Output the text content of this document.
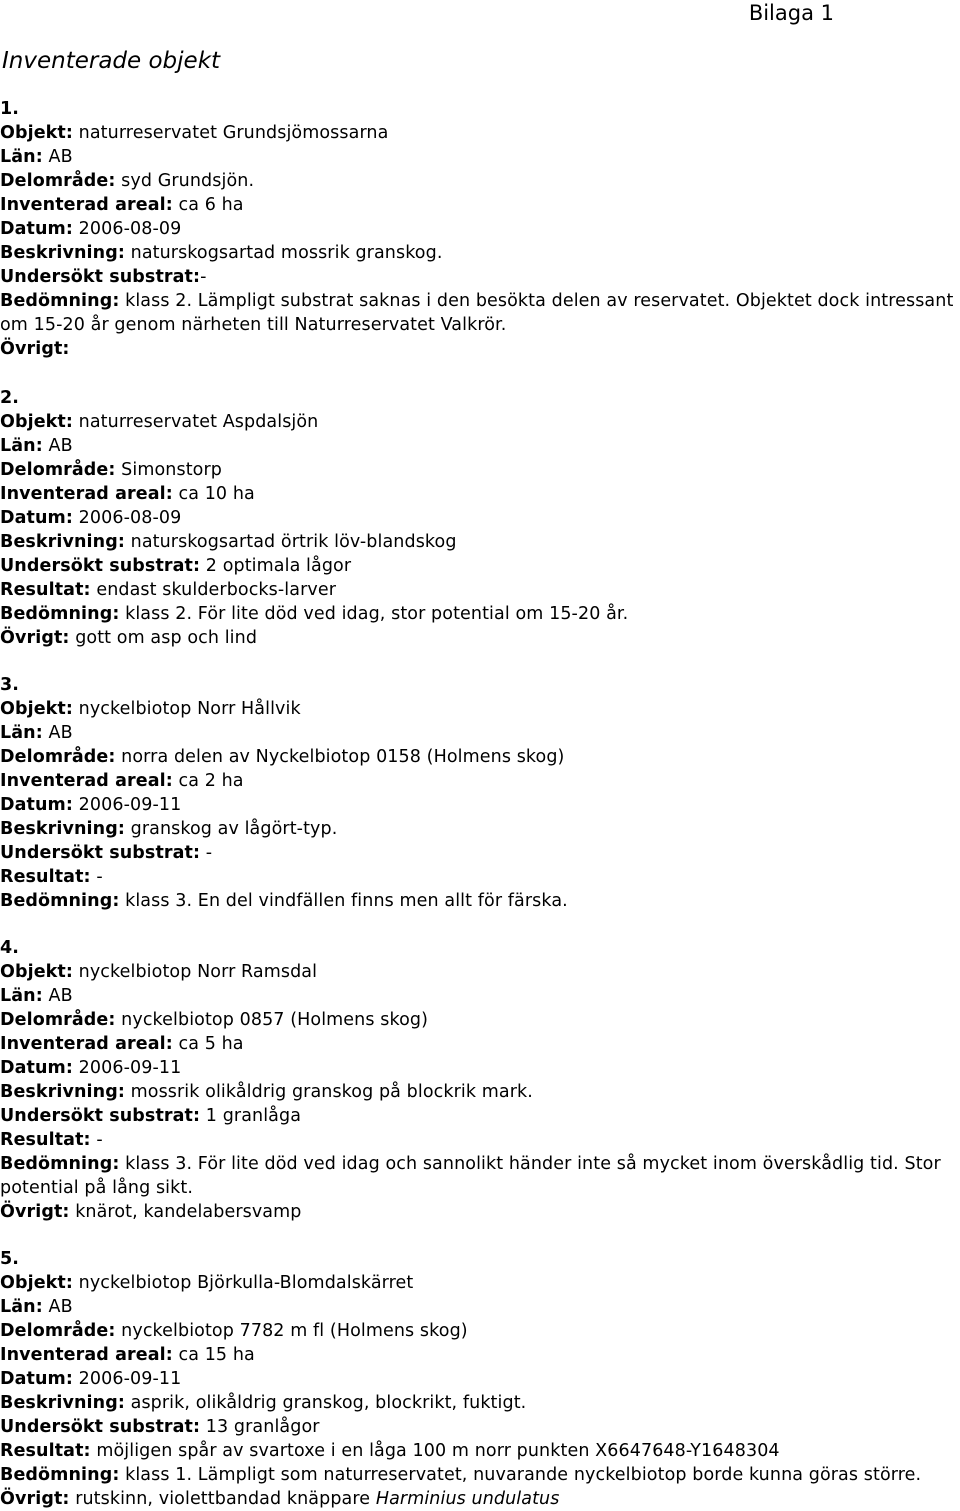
Bilaga 1
Inventerade objekt
1.
Objekt: naturreservatet Grundsjömossarna
Län: AB
Delområde: syd Grundsjön.
Inventerad areal: ca 6 ha
Datum: 2006-08-09
Beskrivning: naturskogsartad mossrik granskog.
Undersökt substrat:-
Bedömning: klass 2. Lämpligt substrat saknas i den besökta delen av reservatet. Objektet dock intressant om 15-20 år genom närheten till Naturreservatet Valkrör.
Övrigt:
2.
Objekt: naturreservatet Aspdalsjön
Län: AB
Delområde: Simonstorp
Inventerad areal: ca 10 ha
Datum: 2006-08-09
Beskrivning: naturskogsartad örtrik löv-blandskog
Undersökt substrat: 2 optimala lågor
Resultat: endast skulderbocks-larver
Bedömning: klass 2. För lite död ved idag, stor potential om 15-20 år.
Övrigt: gott om asp och lind
3.
Objekt: nyckelbiotop Norr Hållvik
Län: AB
Delområde: norra delen av Nyckelbiotop 0158 (Holmens skog)
Inventerad areal: ca 2 ha
Datum: 2006-09-11
Beskrivning: granskog av lågört-typ.
Undersökt substrat: -
Resultat: -
Bedömning: klass 3. En del vindfällen finns men allt för färska.
4.
Objekt: nyckelbiotop Norr Ramsdal
Län: AB
Delområde: nyckelbiotop 0857 (Holmens skog)
Inventerad areal: ca 5 ha
Datum: 2006-09-11
Beskrivning: mossrik olikåldrig granskog på blockrik mark.
Undersökt substrat: 1 granlåga
Resultat: -
Bedömning: klass 3. För lite död ved idag och sannolikt händer inte så mycket inom överskådlig tid. Stor potential på lång sikt.
Övrigt: knärot, kandelabersvamp
5.
Objekt: nyckelbiotop Björkulla-Blomdalskärret
Län: AB
Delområde: nyckelbiotop 7782 m fl (Holmens skog)
Inventerad areal: ca 15 ha
Datum: 2006-09-11
Beskrivning: asprik, olikåldrig granskog, blockrikt, fuktigt.
Undersökt substrat: 13 granlågor
Resultat: möjligen spår av svartoxe i en låga 100 m norr punkten X6647648-Y1648304
Bedömning: klass 1. Lämpligt som naturreservatet, nuvarande nyckelbiotop borde kunna göras större.
Övrigt: rutskinn, violettbandad knäppare Harminius undulatus
